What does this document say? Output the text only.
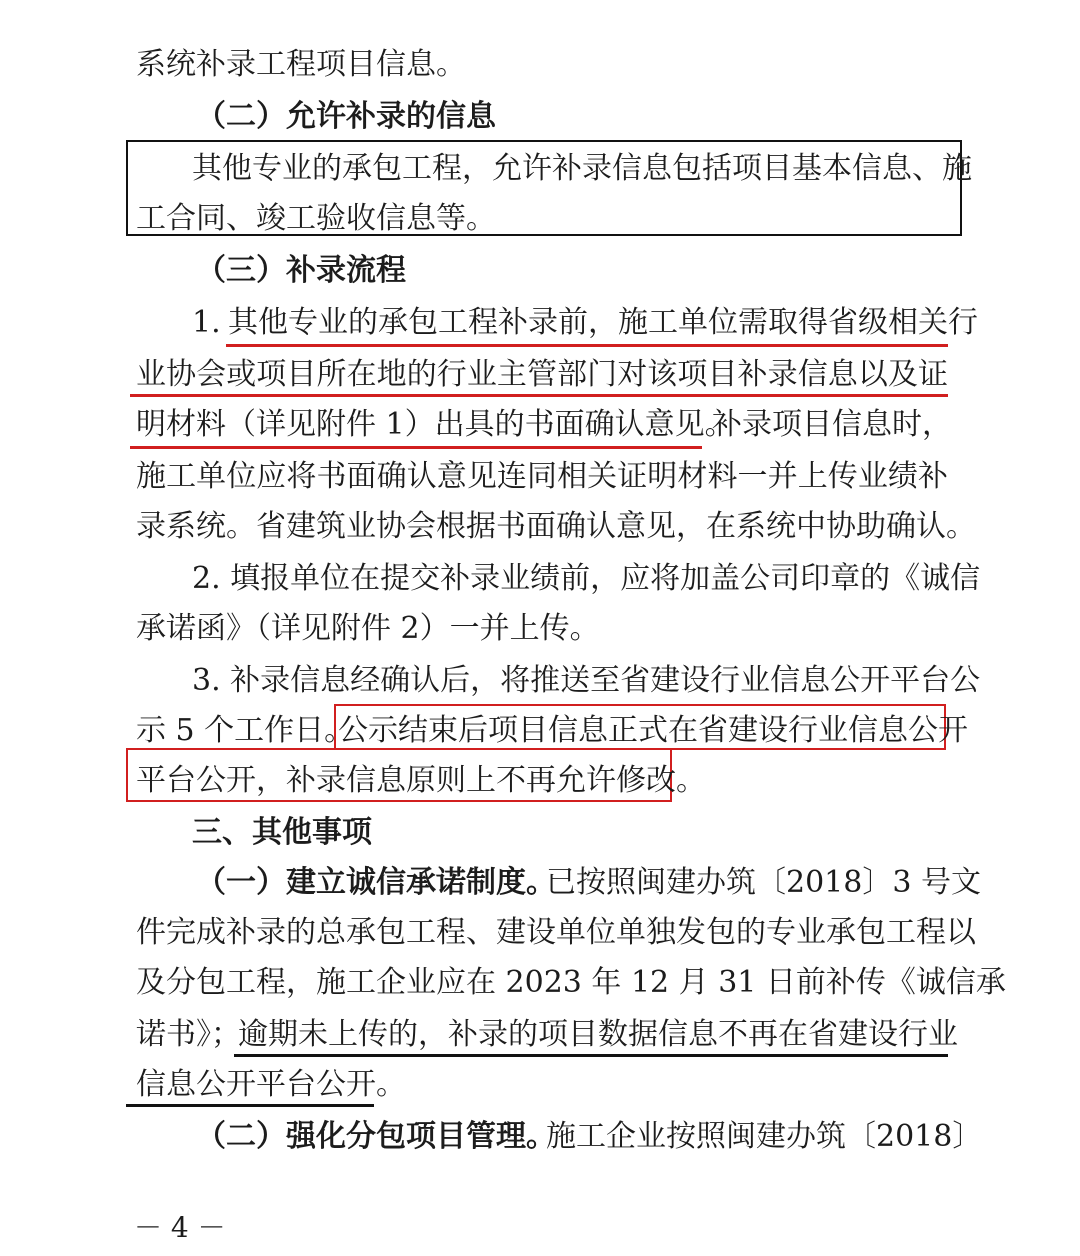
系统补录工程项目信息。
（二）允许补录的信息
其他专业的承包工程，允许补录信息包括项目基本信息、施
工合同、竣工验收信息等。
（三）补录流程
1. 其他专业的承包工程补录前，施工单位需取得省级相关行
业协会或项目所在地的行业主管部门对该项目补录信息以及证
明材料（详见附件 1）出具的书面确认意见。
补录项目信息时，
施工单位应将书面确认意见连同相关证明材料一并上传业绩补
录系统。省建筑业协会根据书面确认意见，在系统中协助确认。
2. 填报单位在提交补录业绩前，应将加盖公司印章的《诚信
承诺函》（详见附件 2）一并上传。
3. 补录信息经确认后，将推送至省建设行业信息公开平台公
示 5 个工作日。
公示结束后项目信息正式在省建设行业信息公开
平台公开，补录信息原则上不再允许修改。
三、其他事项
（一）建立诚信承诺制度。
已按照闽建办筑〔2018〕3 号文
件完成补录的总承包工程、建设单位单独发包的专业承包工程以
及分包工程，施工企业应在 2023 年 12 月 31 日前补传《诚信承
诺书》；
逾期未上传的，补录的项目数据信息不再在省建设行业
信息公开平台公开。
（二）强化分包项目管理。
施工企业按照闽建办筑〔2018〕
－ 4 －
